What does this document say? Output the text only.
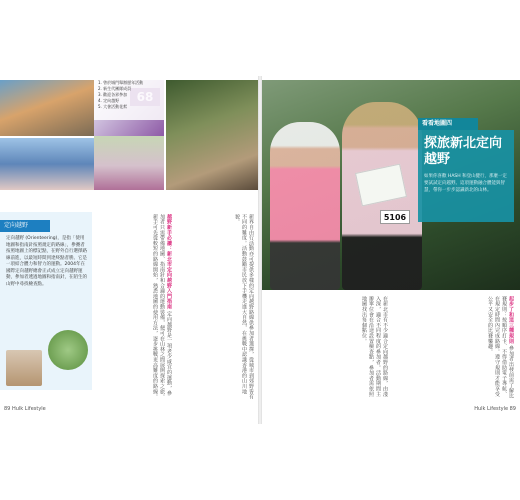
1. 曾於城門舉辦歷年活動
2. 新生代團隊成員
3. 歡迎各界參加
4. 定向越野
5. 大會活動花絮
定向越野
定向越野 (Orienteering)，是指「使用地圖和指南針按照規定的路線」，參賽者按照地圖上的標記點，在野外自行選擇路線前進，以最短時間到達終點者勝。它是一項結合體力和智力的運動。2004年在國際定向越野總會正式成立定向越野運動，參加者透過地圖和指南針，在陌生的山野中尋找檢查點。	越野新手必讀：新北市定向越野入門指南 定向越野是一項老少咸宜的運動，參加者只需帶備地圖、指南針和合適的運動裝備，便可在山林之間展開探索之旅。新手可先從較短的路線開始，熟悉地圖的使用方法，逐步挑戰更高難度的路線。	新界自由行活動亦可提供多樣的定向越野路線供參加者選擇，從城市到郊野皆有不同的難度。活動鼓勵市民放下手機走進大自然，在挑戰中認識香港的山川地貌。
89 Hulk Lifestyle
5106
看看地圖四
探旅新北定向越野
如果你喜歡 HASH 和登山健行，那麼一定要試試定向越野。這項運動融合體能與智慧，帶你一步步認識新北的山林。
在新北市有不少適合定向越野的路線，由淺入深，適合不同程度的參加者。活動期間主辦單位會在沿途設置檢查點，參加者需依照地圖找出每個點位。	起步了和這三種規則 參加者出發前需了解比賽規則：按順序打卡、不得借助電子導航、在規定時間內完成路線。遵守規則才能享受公平又安全的比賽樂趣。
Hulk Lifestyle 89
